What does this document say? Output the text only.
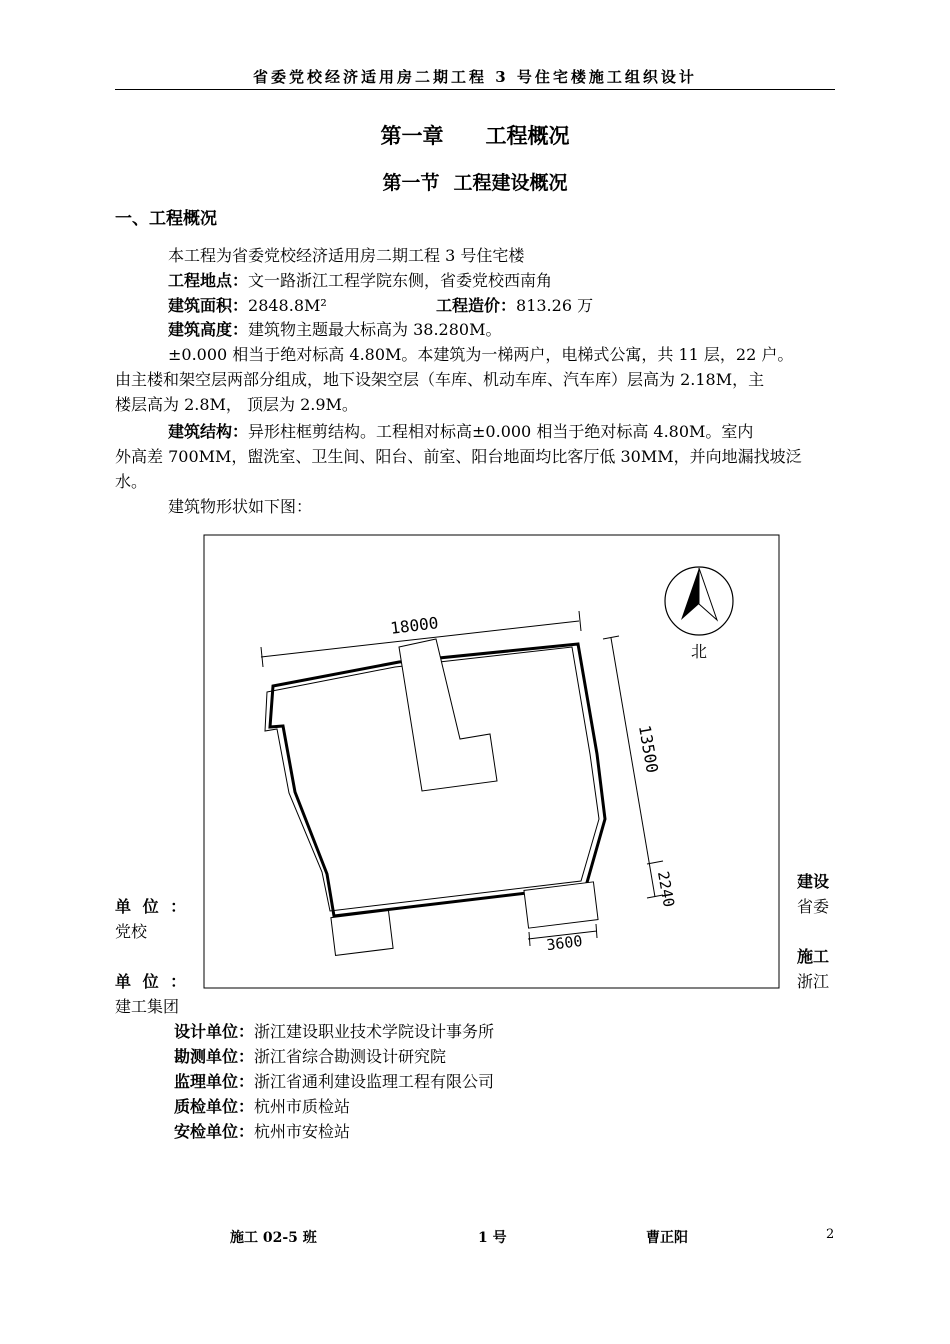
省委党校经济适用房二期工程 3 号住宅楼施工组织设计
第一章 工程概况
第一节 工程建设概况
一、工程概况
本工程为省委党校经济适用房二期工程 3 号住宅楼
工程地点：文一路浙江工程学院东侧，省委党校西南角
建筑面积：2848.8M²	工程造价：813.26 万
建筑高度：建筑物主题最大标高为 38.280M。
±0.000 相当于绝对标高 4.80M。本建筑为一梯两户，电梯式公寓，共 11 层，22 户。
由主楼和架空层两部分组成，地下设架空层（车库、机动车库、汽车库）层高为 2.18M，主
楼层高为 2.8M， 顶层为 2.9M。
建筑结构：异形柱框剪结构。工程相对标高±0.000 相当于绝对标高 4.80M。室内
外高差 700MM，盥洗室、卫生间、阳台、前室、阳台地面均比客厅低 30MM，并向地漏找坡泛
水。
建筑物形状如下图：
18000
13500
2240
3600
北
单 位 ：
党校
单 位 ：
建工集团
建设
省委
施工
浙江
设计单位：浙江建设职业技术学院设计事务所
勘测单位：浙江省综合勘测设计研究院
监理单位：浙江省通利建设监理工程有限公司
质检单位：杭州市质检站
安检单位：杭州市安检站
施工 02-5 班	1 号	曹正阳	2
